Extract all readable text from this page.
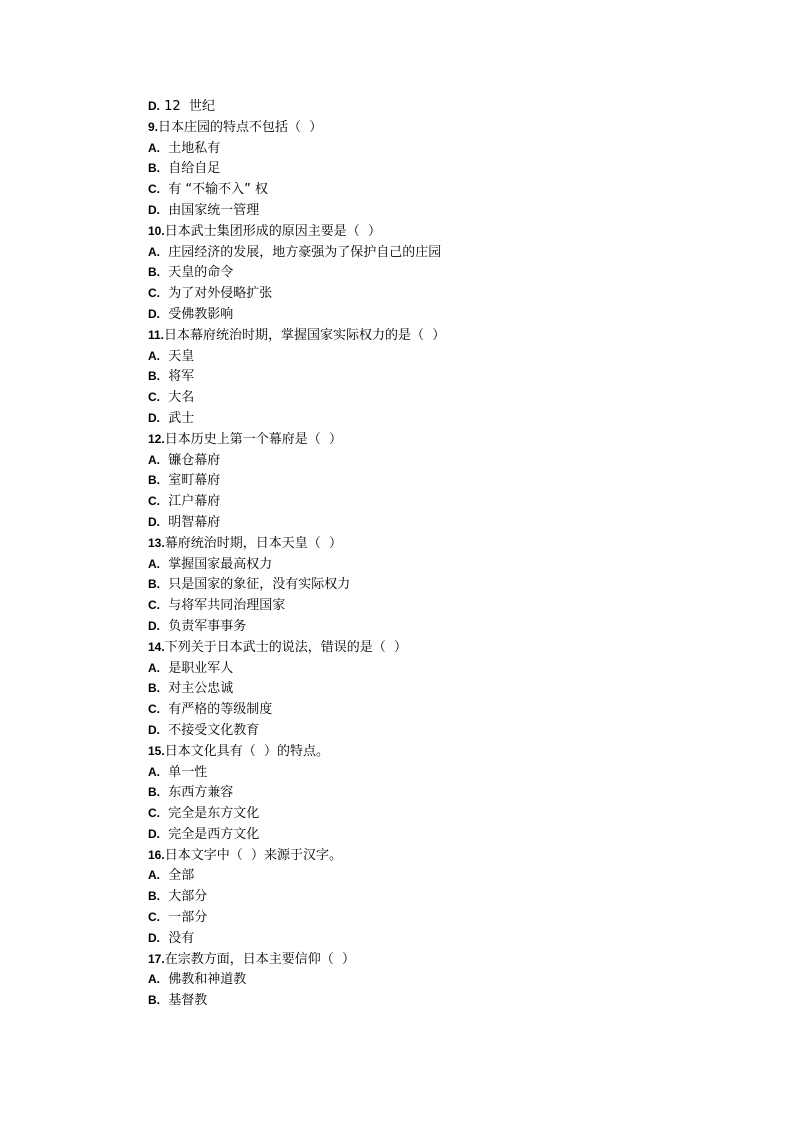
D. 12  世纪
9.日本庄园的特点不包括（  ）
A.  土地私有
B.  自给自足
C.  有 “不输不入” 权
D.  由国家统一管理
10.日本武士集团形成的原因主要是（  ）
A.  庄园经济的发展，地方豪强为了保护自己的庄园
B.  天皇的命令
C.  为了对外侵略扩张
D.  受佛教影响
11.日本幕府统治时期，掌握国家实际权力的是（  ）
A.  天皇
B.  将军
C.  大名
D.  武士
12.日本历史上第一个幕府是（  ）
A.  镰仓幕府
B.  室町幕府
C.  江户幕府
D.  明智幕府
13.幕府统治时期，日本天皇（  ）
A.  掌握国家最高权力
B.  只是国家的象征，没有实际权力
C.  与将军共同治理国家
D.  负责军事事务
14.下列关于日本武士的说法，错误的是（  ）
A.  是职业军人
B.  对主公忠诚
C.  有严格的等级制度
D.  不接受文化教育
15.日本文化具有（  ）的特点。
A.  单一性
B.  东西方兼容
C.  完全是东方文化
D.  完全是西方文化
16.日本文字中（  ）来源于汉字。
A.  全部
B.  大部分
C.  一部分
D.  没有
17.在宗教方面，日本主要信仰（  ）
A.  佛教和神道教
B.  基督教
